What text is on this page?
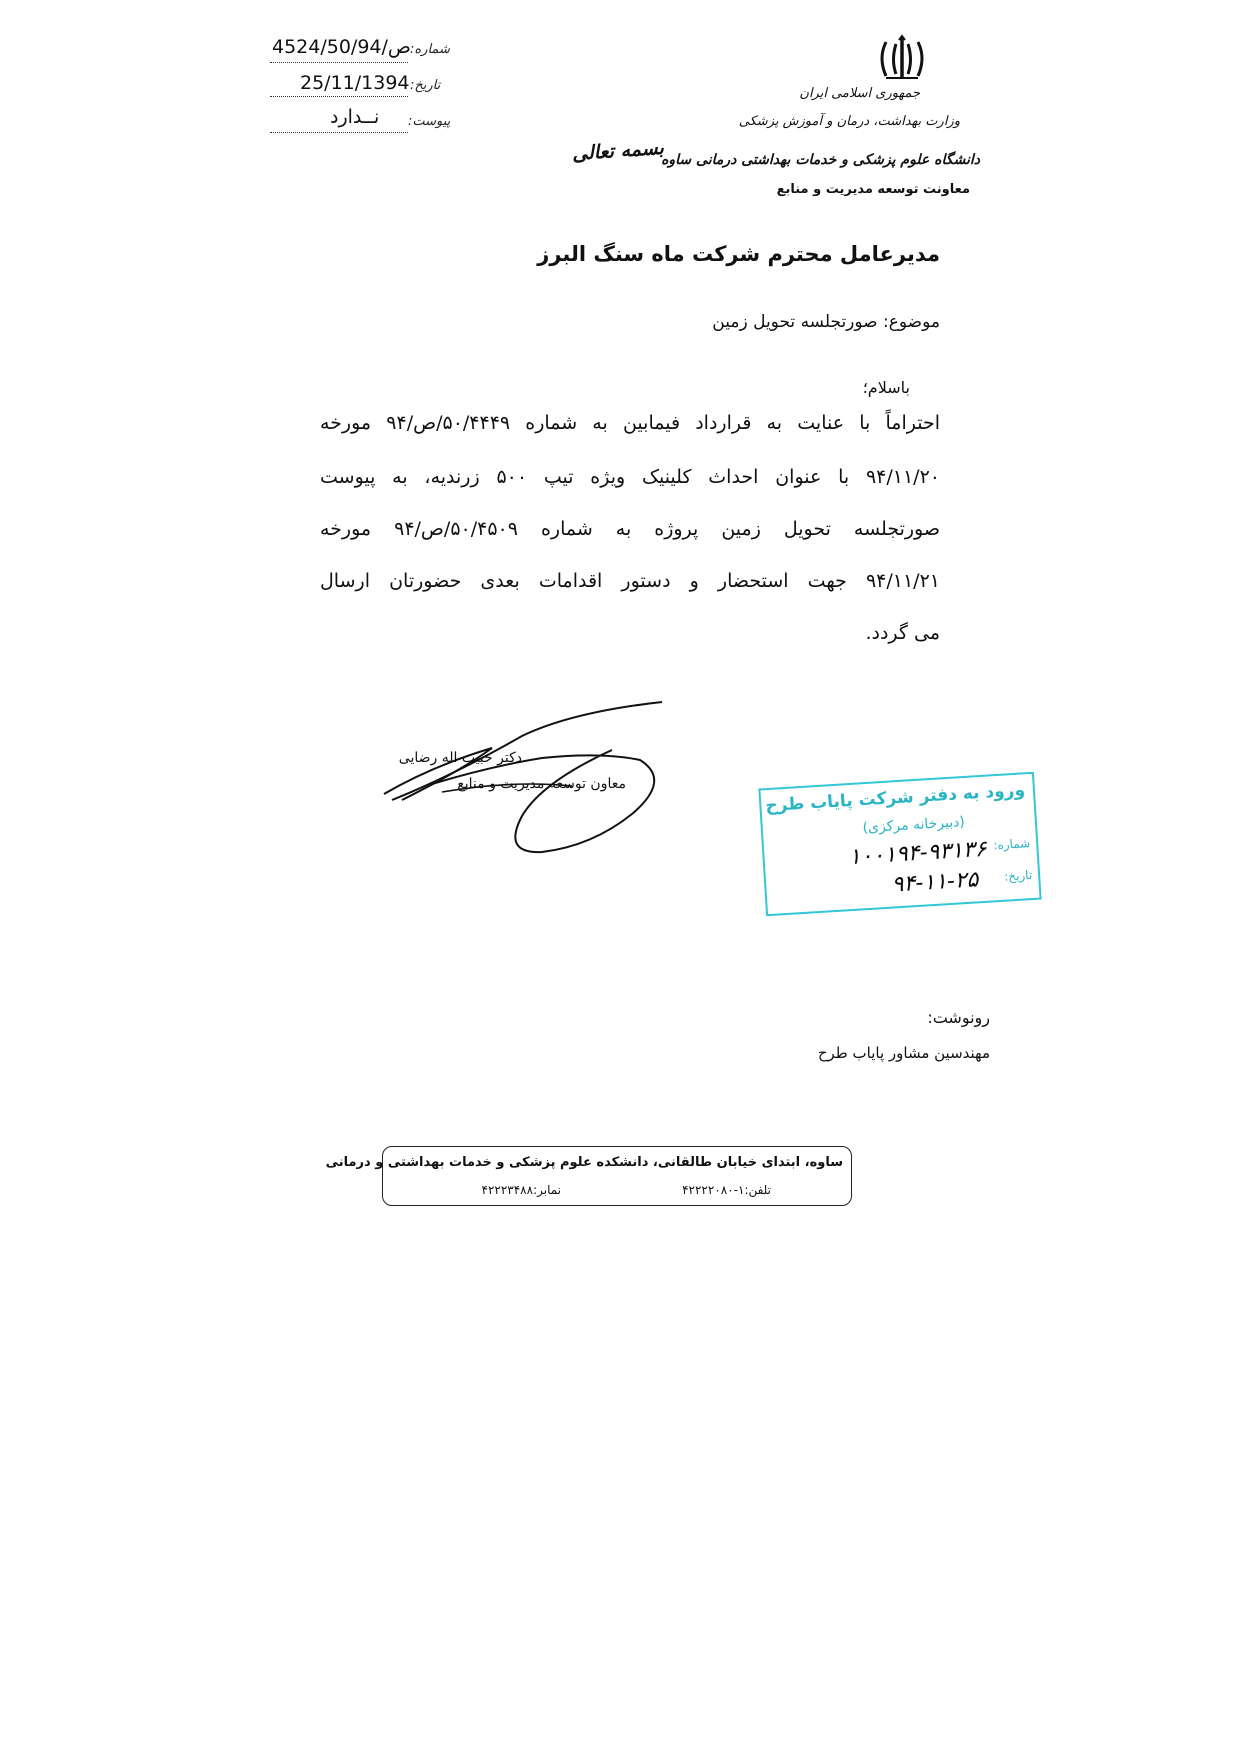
4524/50/ص/94 شماره:
25/11/1394 تاریخ:
نــدارد پیوست:
بسمه تعالی
جمهوری اسلامی ایران
وزارت بهداشت، درمان و آموزش پزشکی
دانشگاه علوم پزشکی و خدمات بهداشتی درمانی ساوه
معاونت توسعه مدیریت و منابع
مدیرعامل محترم شرکت ماه سنگ البرز
موضوع: صورتجلسه تحویل زمین
باسلام؛
احتراماً با عنایت به قرارداد فیمابین به شماره ۵۰/۴۴۴۹/ص/۹۴ مورخه
۹۴/۱۱/۲۰ با عنوان احداث کلینیک ویژه تیپ ۵۰۰ زرندیه، به پیوست
صورتجلسه تحویل زمین پروژه به شماره ۵۰/۴۵۰۹/ص/۹۴ مورخه
۹۴/۱۱/۲۱ جهت استحضار و دستور اقدامات بعدی حضورتان ارسال
می گردد.
دکتر حبیب اله رضایی
معاون توسعه مدیریت و منابع	ورود به دفتر شرکت پایاب طرح
(دبیرخانه مرکزی)
شماره:
۱۰۰۱۹۴-۹۳۱۳۶
تاریخ:
۹۴-۱۱-۲۵
رونوشت:
مهندسین مشاور پایاب طرح
ساوه، ابتدای خیابان طالقانی، دانشکده علوم پزشکی و خدمات بهداشتی و درمانی
تلفن:۱-۴۲۲۲۲۰۸۰
نمابر:۴۲۲۲۳۴۸۸
